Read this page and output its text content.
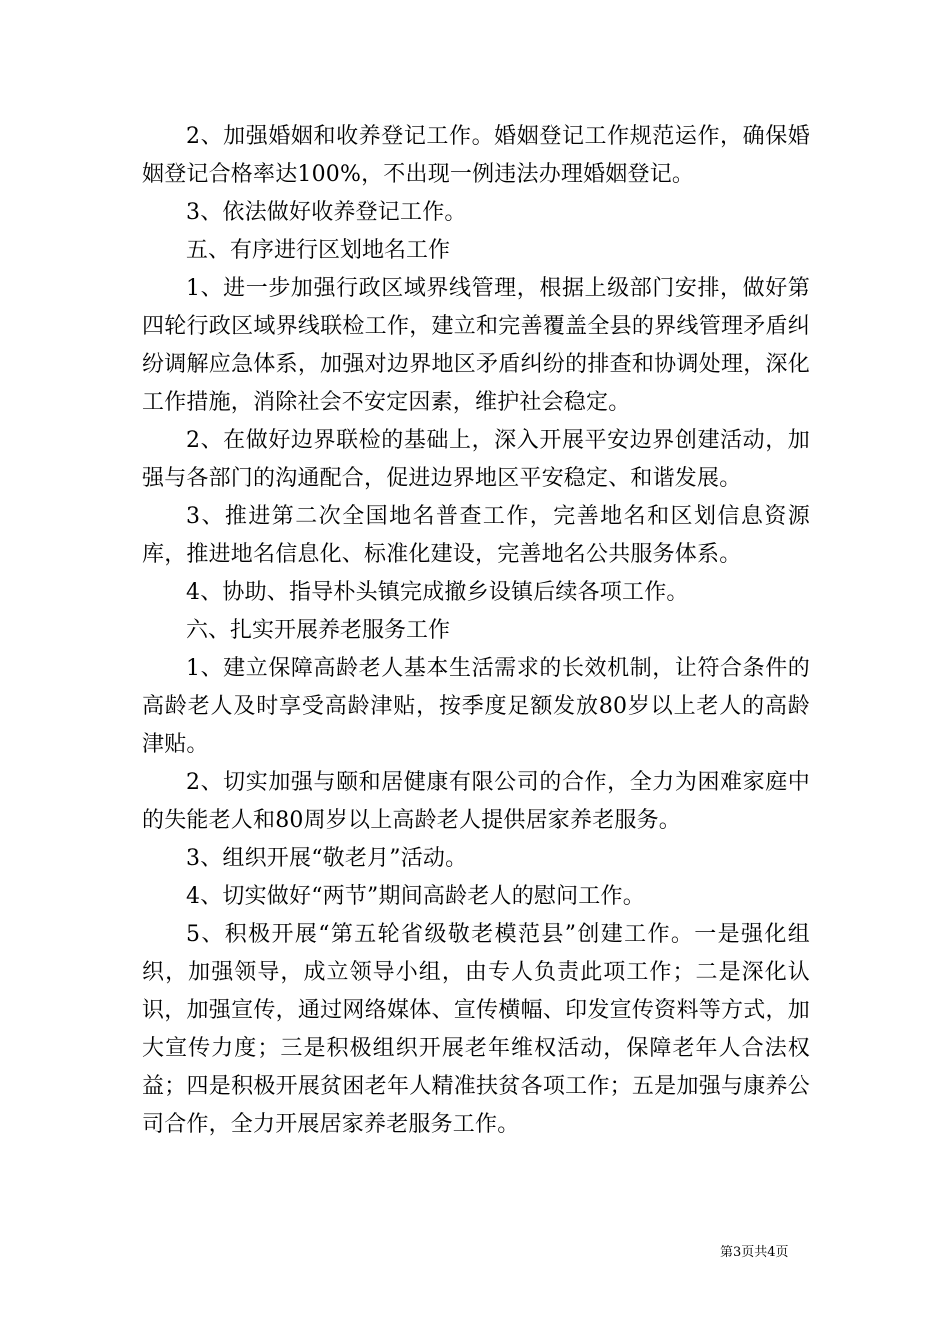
2、加强婚姻和收养登记工作。婚姻登记工作规范运作，确保婚姻登记合格率达100%，不出现一例违法办理婚姻登记。

3、依法做好收养登记工作。

五、有序进行区划地名工作

1、进一步加强行政区域界线管理，根据上级部门安排，做好第四轮行政区域界线联检工作，建立和完善覆盖全县的界线管理矛盾纠纷调解应急体系，加强对边界地区矛盾纠纷的排查和协调处理，深化工作措施，消除社会不安定因素，维护社会稳定。

2、在做好边界联检的基础上，深入开展平安边界创建活动，加强与各部门的沟通配合，促进边界地区平安稳定、和谐发展。

3、推进第二次全国地名普查工作，完善地名和区划信息资源库，推进地名信息化、标准化建设，完善地名公共服务体系。

4、协助、指导朴头镇完成撤乡设镇后续各项工作。

六、扎实开展养老服务工作

1、建立保障高龄老人基本生活需求的长效机制，让符合条件的高龄老人及时享受高龄津贴，按季度足额发放80岁以上老人的高龄津贴。

2、切实加强与颐和居健康有限公司的合作，全力为困难家庭中的失能老人和80周岁以上高龄老人提供居家养老服务。

3、组织开展“敬老月”活动。

4、切实做好“两节”期间高龄老人的慰问工作。

5、积极开展“第五轮省级敬老模范县”创建工作。一是强化组织，加强领导，成立领导小组，由专人负责此项工作；二是深化认识，加强宣传，通过网络媒体、宣传横幅、印发宣传资料等方式，加大宣传力度；三是积极组织开展老年维权活动，保障老年人合法权益；四是积极开展贫困老年人精准扶贫各项工作；五是加强与康养公司合作，全力开展居家养老服务工作。

第3页共4页
